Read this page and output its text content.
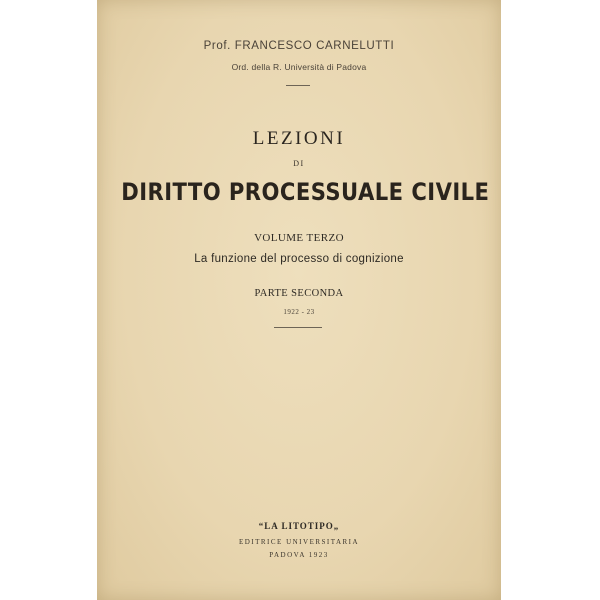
Prof. FRANCESCO CARNELUTTI
Ord. della R. Università di Padova
LEZIONI
DI
DIRITTO PROCESSUALE CIVILE
VOLUME TERZO
La funzione del processo di cognizione
PARTE SECONDA
1922 - 23
“LA LITOTIPO„
EDITRICE UNIVERSITARIA
PADOVA 1923
